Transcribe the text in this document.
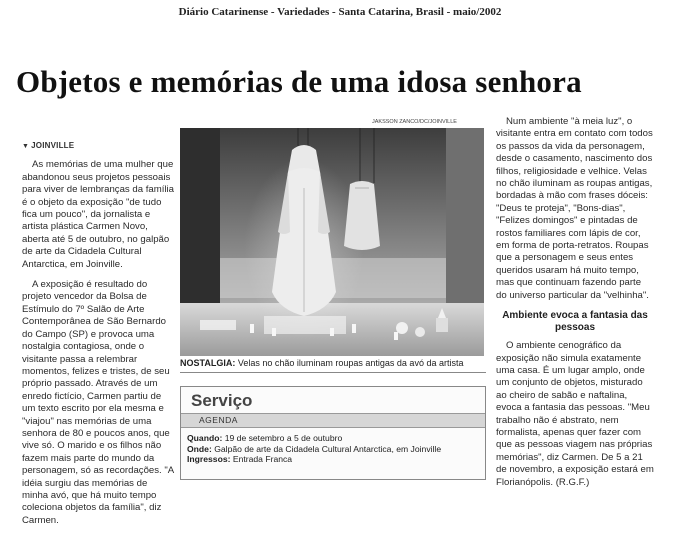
Diário Catarinense - Variedades - Santa Catarina, Brasil - maio/2002
Objetos e memórias de uma idosa senhora
▼ JOINVILLE

As memórias de uma mulher que abandonou seus projetos pessoais para viver de lembranças da família é o objeto da exposição "de tudo fica um pouco", da jornalista e artista plástica Carmen Novo, aberta até 5 de outubro, no galpão de arte da Cidadela Cultural Antarctica, em Joinville.

A exposição é resultado do projeto vencedor da Bolsa de Estímulo do 7º Salão de Arte Contemporânea de São Bernardo do Campo (SP) e provoca uma nostalgia contagiosa, onde o visitante passa a relembrar momentos, felizes e tristes, de seu próprio passado. Através de um enredo fictício, Carmen partiu de um texto escrito por ela mesma e "viajou" nas memórias de uma senhora de 80 e poucos anos, que vive só. O marido e os filhos não fazem mais parte do mundo da personagem, só as recordações. "A idéia surgiu das memórias de minha avó, que há muito tempo coleciona objetos da família", diz Carmen.

JAKSSON ZANCO/DC/JOINVILLE
NOSTALGIA: Velas no chão iluminam roupas antigas da avó da artista
Serviço
AGENDA
Quando: 19 de setembro a 5 de outubro
Onde: Galpão de arte da Cidadela Cultural Antarctica, em Joinville
Ingressos: Entrada Franca

Num ambiente "à meia luz", o visitante entra em contato com todos os passos da vida da personagem, desde o casamento, nascimento dos filhos, religiosidade e velhice. Velas no chão iluminam as roupas antigas, bordadas à mão com frases dóceis: "Deus te proteja", "Bons-dias", "Felizes domingos" e pintadas de rostos familiares com lápis de cor, em forma de porta-retratos. Roupas que a personagem e seus entes queridos usaram há muito tempo, mas que continuam fazendo parte do universo particular da "velhinha".

Ambiente evoca a fantasia das pessoas

O ambiente cenográfico da exposição não simula exatamente uma casa. É um lugar amplo, onde um conjunto de objetos, misturado ao cheiro de sabão e naftalina, evoca a fantasia das pessoas. "Meu trabalho não é abstrato, nem formalista, apenas quer fazer com que as pessoas viagem nas próprias memórias", diz Carmen. De 5 a 21 de novembro, a exposição estará em Florianópolis. (R.G.F.)
